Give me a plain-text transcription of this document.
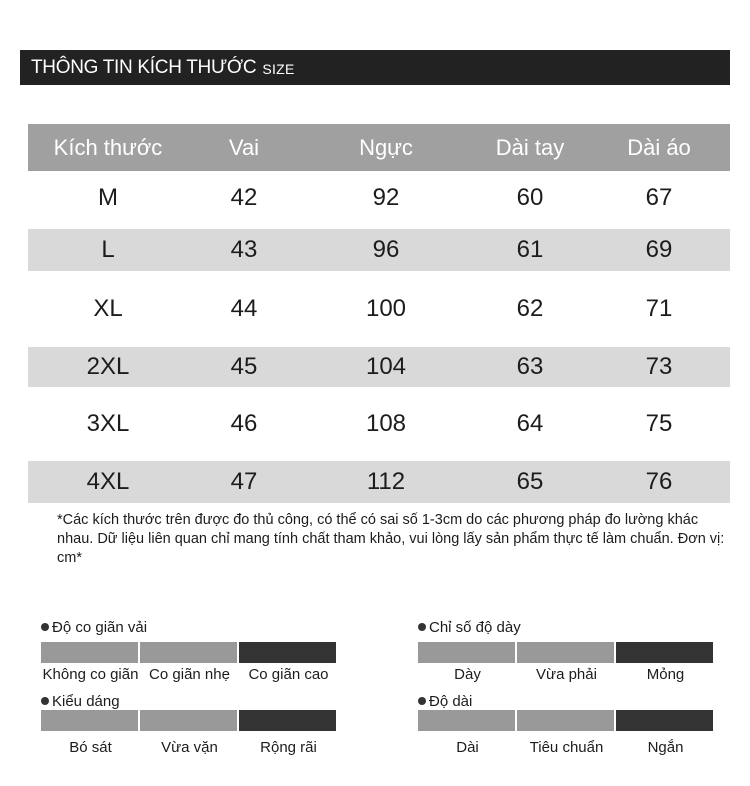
THÔNG TIN KÍCH THƯỚC SIZE
Kích thước	Vai	Ngực	Dài tay	Dài áo
M	42	92	60	67
L	43	96	61	69
XL	44	100	62	71
2XL	45	104	63	73
3XL	46	108	64	75
4XL	47	112	65	76
*Các kích thước trên được đo thủ công, có thể có sai số 1-3cm do các phương pháp đo lường khác nhau. Dữ liệu liên quan chỉ mang tính chất tham khảo, vui lòng lấy sản phẩm thực tế làm chuẩn. Đơn vị: cm*
Độ co giãn vải
Không co giãn Co giãn nhẹ	Co giãn cao
Kiểu dáng
Bó sát	Vừa vặn	Rộng rãi
Chỉ số độ dày
Dày	Vừa phải	Mỏng
Độ dài
Dài	Tiêu chuẩn	Ngắn
